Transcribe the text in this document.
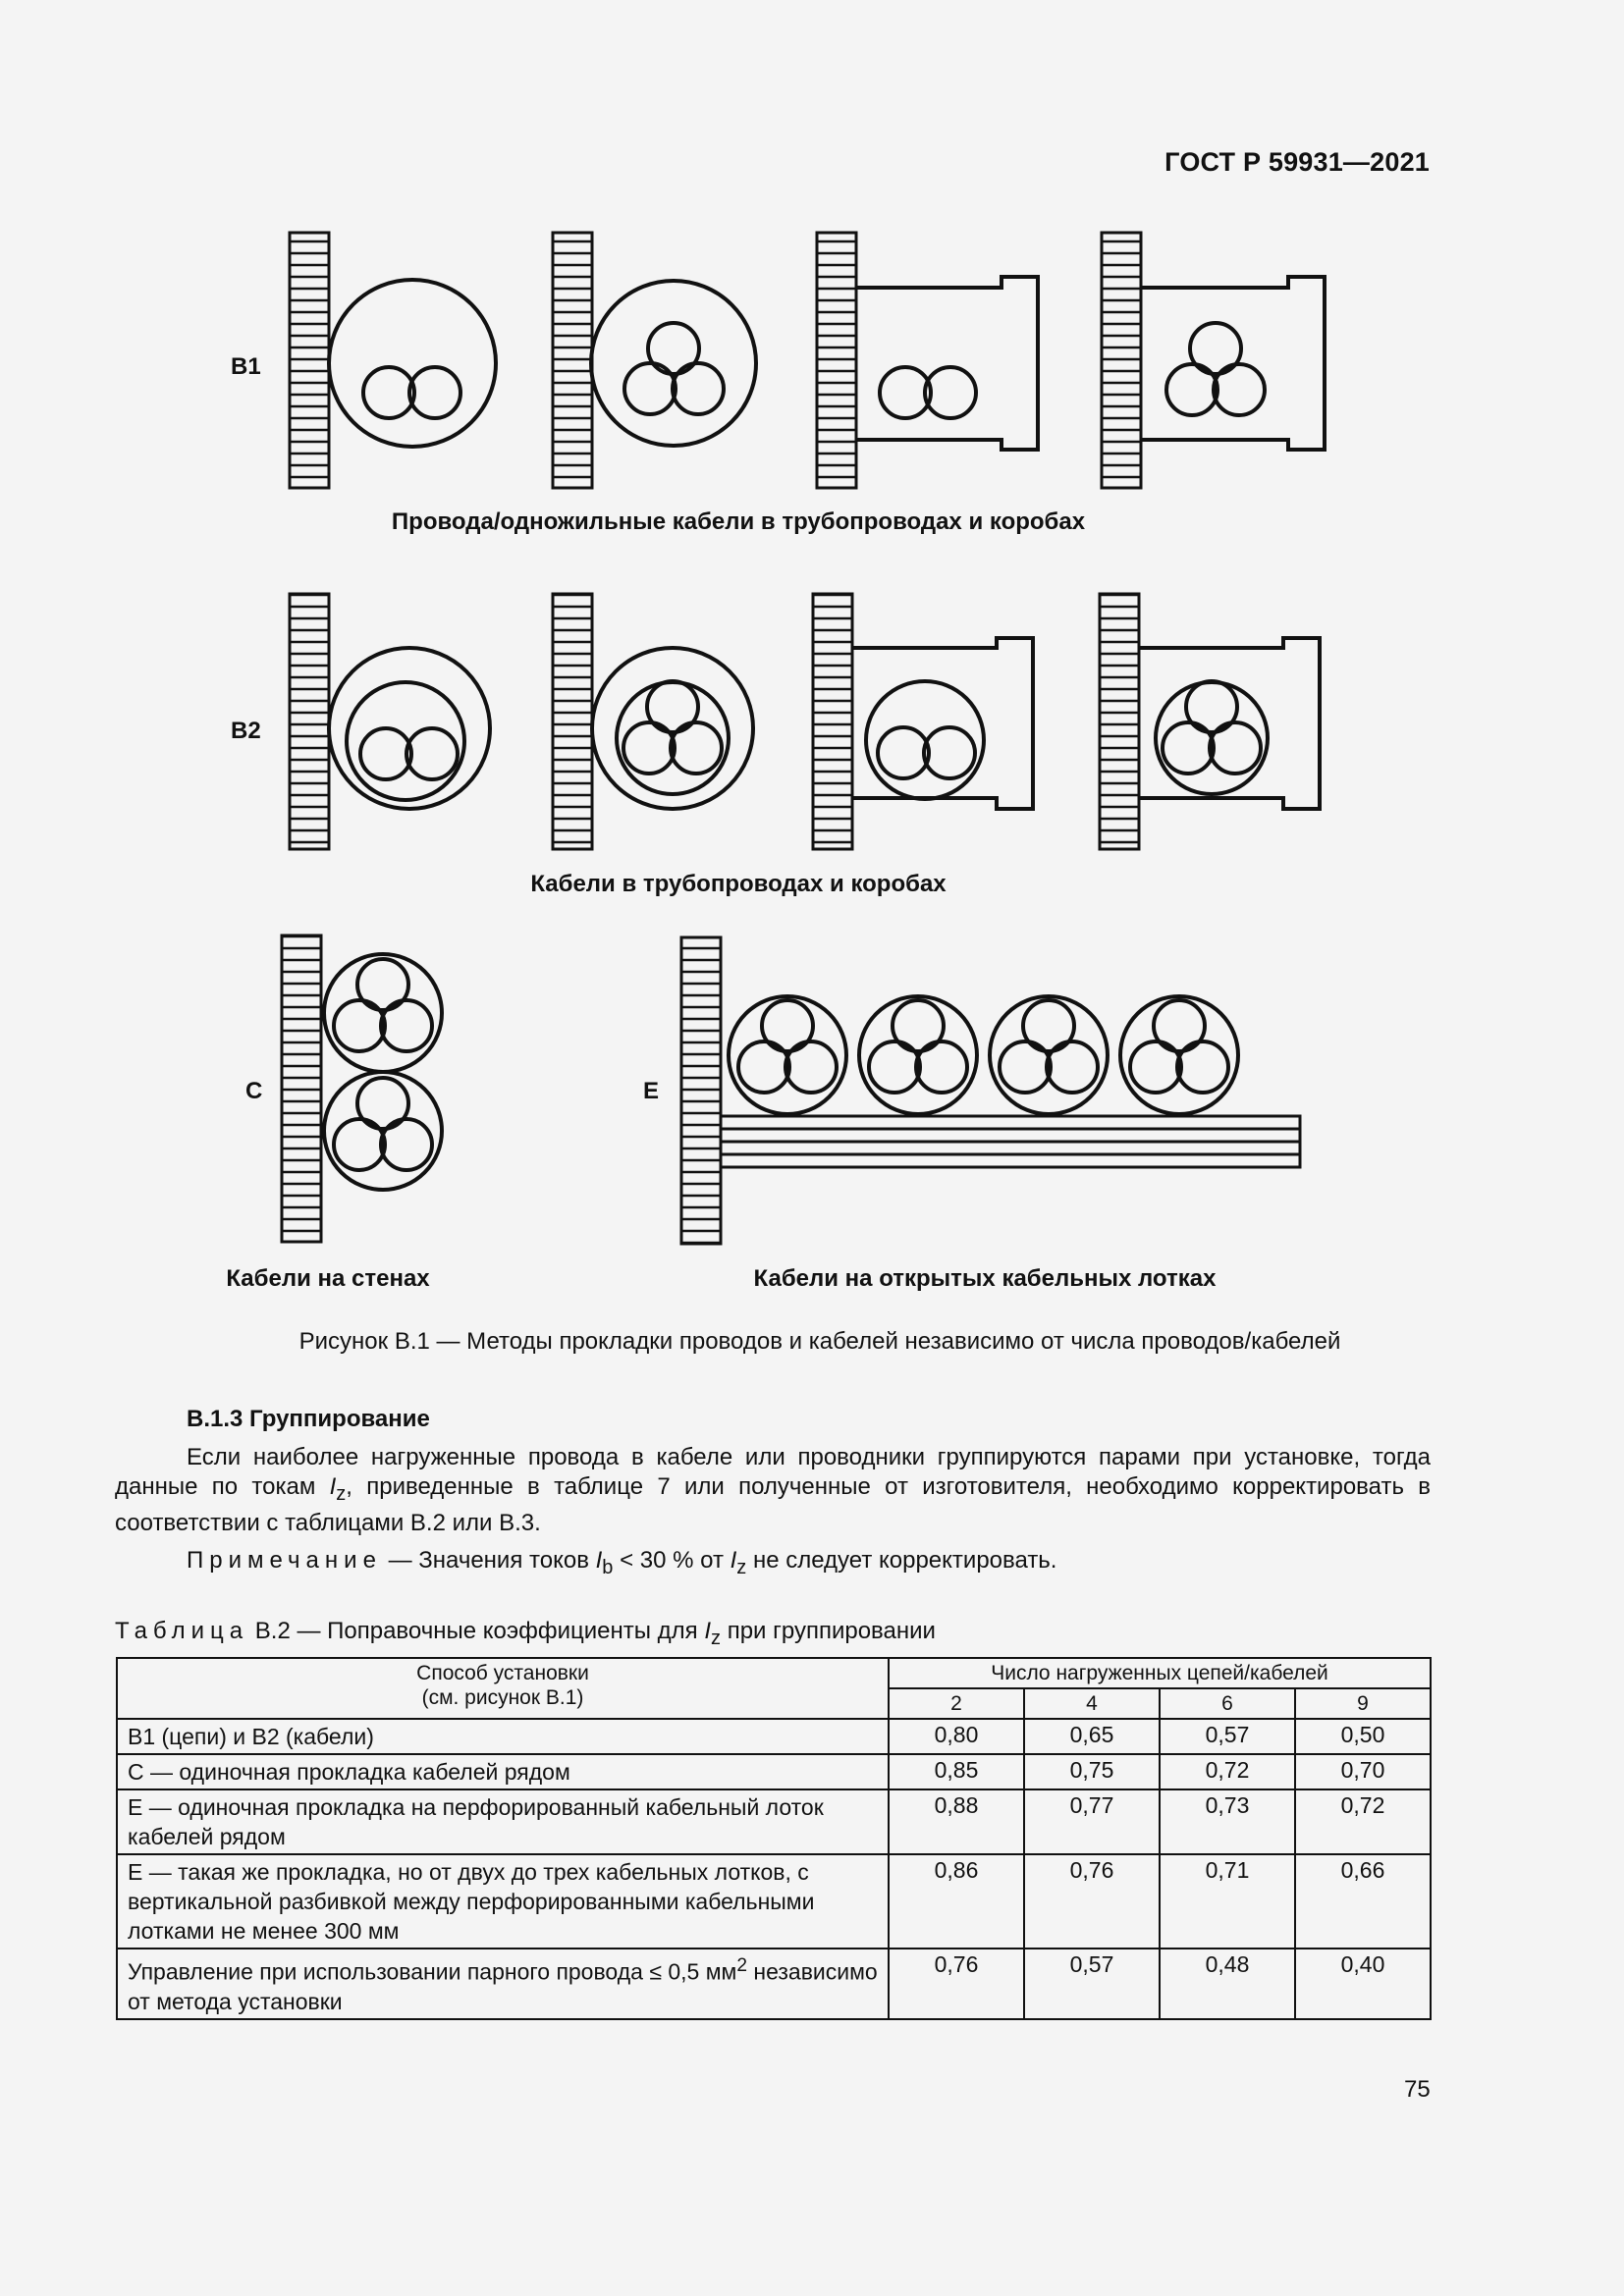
ГОСТ Р 59931—2021
B1
B2
C	E
Провода/одножильные кабели в трубопроводах и коробах
Кабели в трубопроводах и коробах
Кабели на стенах	Кабели на открытых кабельных лотках
Рисунок В.1 — Методы прокладки проводов и кабелей независимо от числа проводов/кабелей
В.1.3 Группирование
Если наиболее нагруженные провода в кабеле или проводники группируются парами при установке, тогда данные по токам $I_z$, приведенные в таблице 7 или полученные от изготовителя, необходимо корректировать в соответствии с таблицами В.2 или В.3.
Примечание — Значения токов $I_b < 30$ % от $I_z$ не следует корректировать.
Таблица В.2 — Поправочные коэффициенты для $I_z$ при группировании
Способ установки
(см. рисунок В.1)	Число нагруженных цепей/кабелей			
	2	4	6	9
В1 (цепи) и В2 (кабели)	0,80	0,65	0,57	0,50
С — одиночная прокладка кабелей рядом	0,85	0,75	0,72	0,70
Е — одиночная прокладка на перфорированный кабельный лоток кабелей рядом	0,88	0,77	0,73	0,72
Е — такая же прокладка, но от двух до трех кабельных лотков, с вертикальной разбивкой между перфорированными кабельными лотками не менее 300 мм	0,86	0,76	0,71	0,66
Управление при использовании парного провода ≤ 0,5 $мм^2$ независимо от метода установки	0,76	0,57	0,48	0,40
75
